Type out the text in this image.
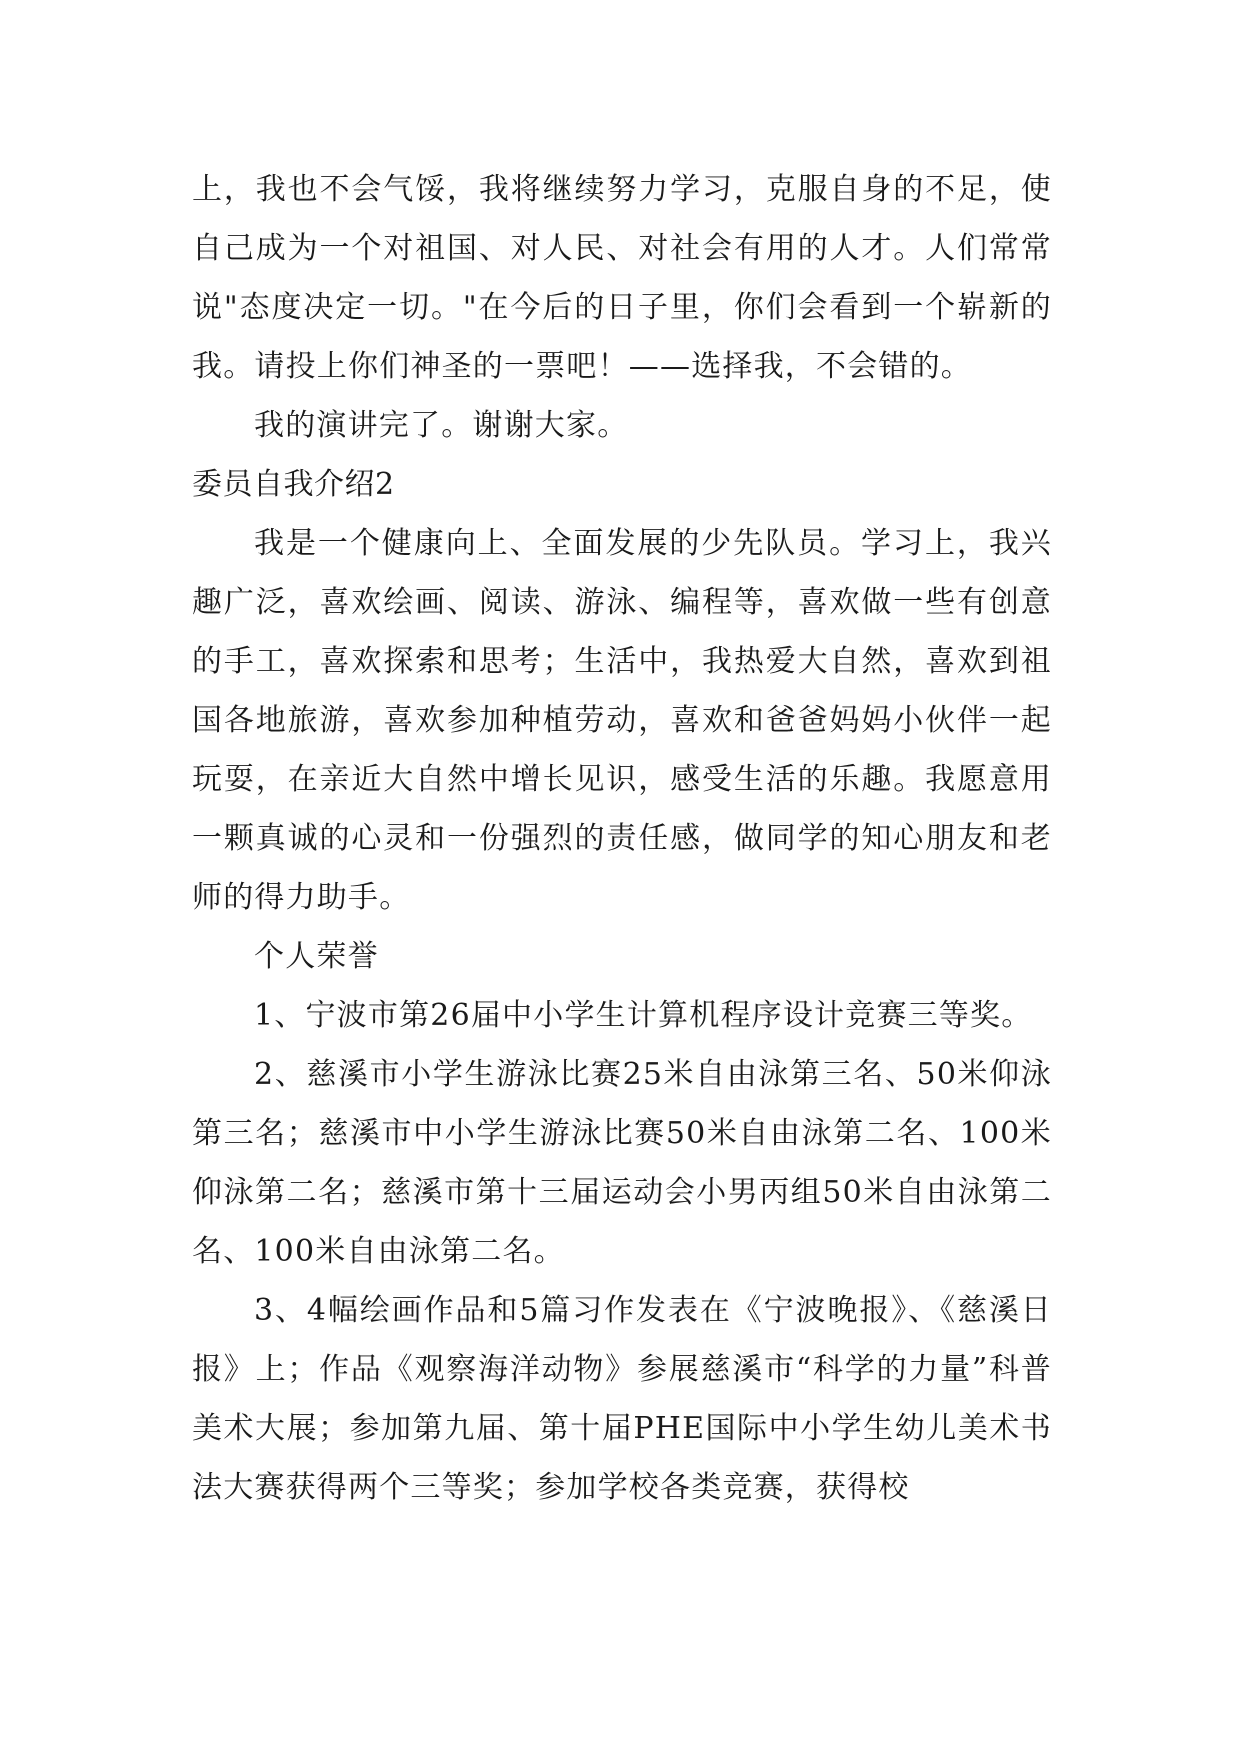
上，我也不会气馁，我将继续努力学习，克服自身的不足，使自己成为一个对祖国、对人民、对社会有用的人才。人们常常说"态度决定一切。"在今后的日子里，你们会看到一个崭新的我。请投上你们神圣的一票吧！——选择我，不会错的。

我的演讲完了。谢谢大家。

委员自我介绍2

我是一个健康向上、全面发展的少先队员。学习上，我兴趣广泛，喜欢绘画、阅读、游泳、编程等，喜欢做一些有创意的手工，喜欢探索和思考；生活中，我热爱大自然，喜欢到祖国各地旅游，喜欢参加种植劳动，喜欢和爸爸妈妈小伙伴一起玩耍，在亲近大自然中增长见识，感受生活的乐趣。我愿意用一颗真诚的心灵和一份强烈的责任感，做同学的知心朋友和老师的得力助手。

个人荣誉

1、宁波市第26届中小学生计算机程序设计竞赛三等奖。

2、慈溪市小学生游泳比赛25米自由泳第三名、50米仰泳第三名；慈溪市中小学生游泳比赛50米自由泳第二名、100米仰泳第二名；慈溪市第十三届运动会小男丙组50米自由泳第二名、100米自由泳第二名。

3、4幅绘画作品和5篇习作发表在《宁波晚报》、《慈溪日报》上；作品《观察海洋动物》参展慈溪市“科学的力量”科普美术大展；参加第九届、第十届PHE国际中小学生幼儿美术书法大赛获得两个三等奖；参加学校各类竞赛，获得校
